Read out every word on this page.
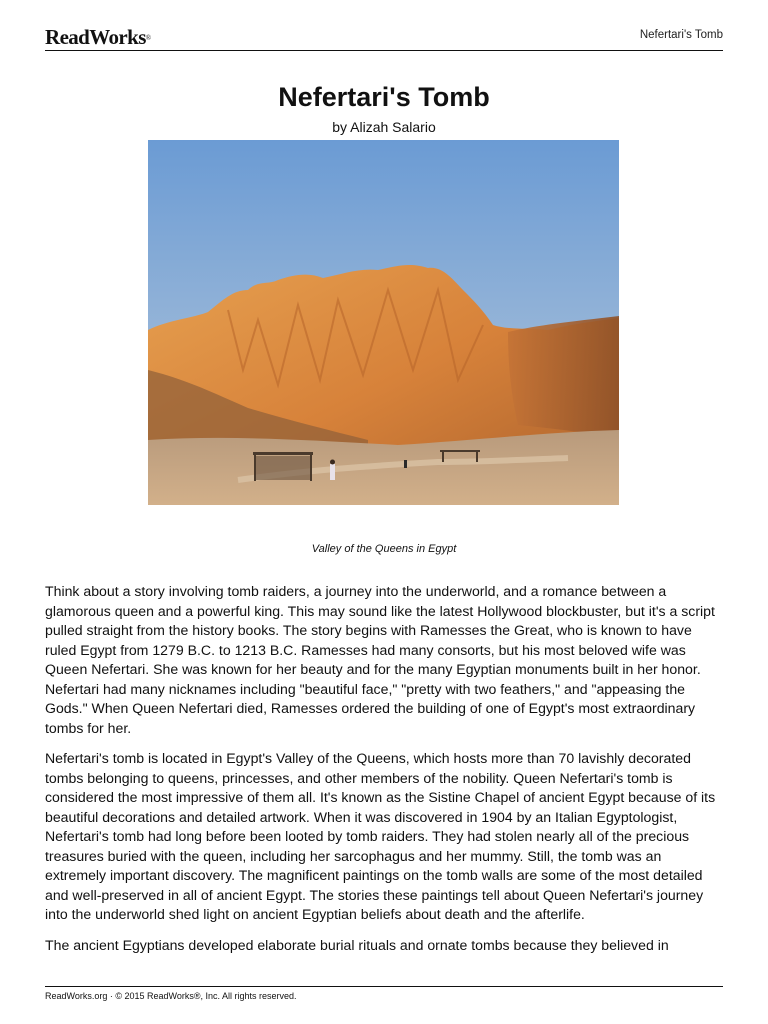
ReadWorks®	Nefertari's Tomb
Nefertari's Tomb
by Alizah Salario
Valley of the Queens in Egypt

Think about a story involving tomb raiders, a journey into the underworld, and a romance between a glamorous queen and a powerful king. This may sound like the latest Hollywood blockbuster, but it's a script pulled straight from the history books. The story begins with Ramesses the Great, who is known to have ruled Egypt from 1279 B.C. to 1213 B.C. Ramesses had many consorts, but his most beloved wife was Queen Nefertari. She was known for her beauty and for the many Egyptian monuments built in her honor. Nefertari had many nicknames including "beautiful face," "pretty with two feathers," and "appeasing the Gods." When Queen Nefertari died, Ramesses ordered the building of one of Egypt's most extraordinary tombs for her.

Nefertari's tomb is located in Egypt's Valley of the Queens, which hosts more than 70 lavishly decorated tombs belonging to queens, princesses, and other members of the nobility. Queen Nefertari's tomb is considered the most impressive of them all. It's known as the Sistine Chapel of ancient Egypt because of its beautiful decorations and detailed artwork. When it was discovered in 1904 by an Italian Egyptologist, Nefertari's tomb had long before been looted by tomb raiders. They had stolen nearly all of the precious treasures buried with the queen, including her sarcophagus and her mummy. Still, the tomb was an extremely important discovery. The magnificent paintings on the tomb walls are some of the most detailed and well-preserved in all of ancient Egypt. The stories these paintings tell about Queen Nefertari's journey into the underworld shed light on ancient Egyptian beliefs about death and the afterlife.

The ancient Egyptians developed elaborate burial rituals and ornate tombs because they believed in

ReadWorks.org · © 2015 ReadWorks®, Inc. All rights reserved.
